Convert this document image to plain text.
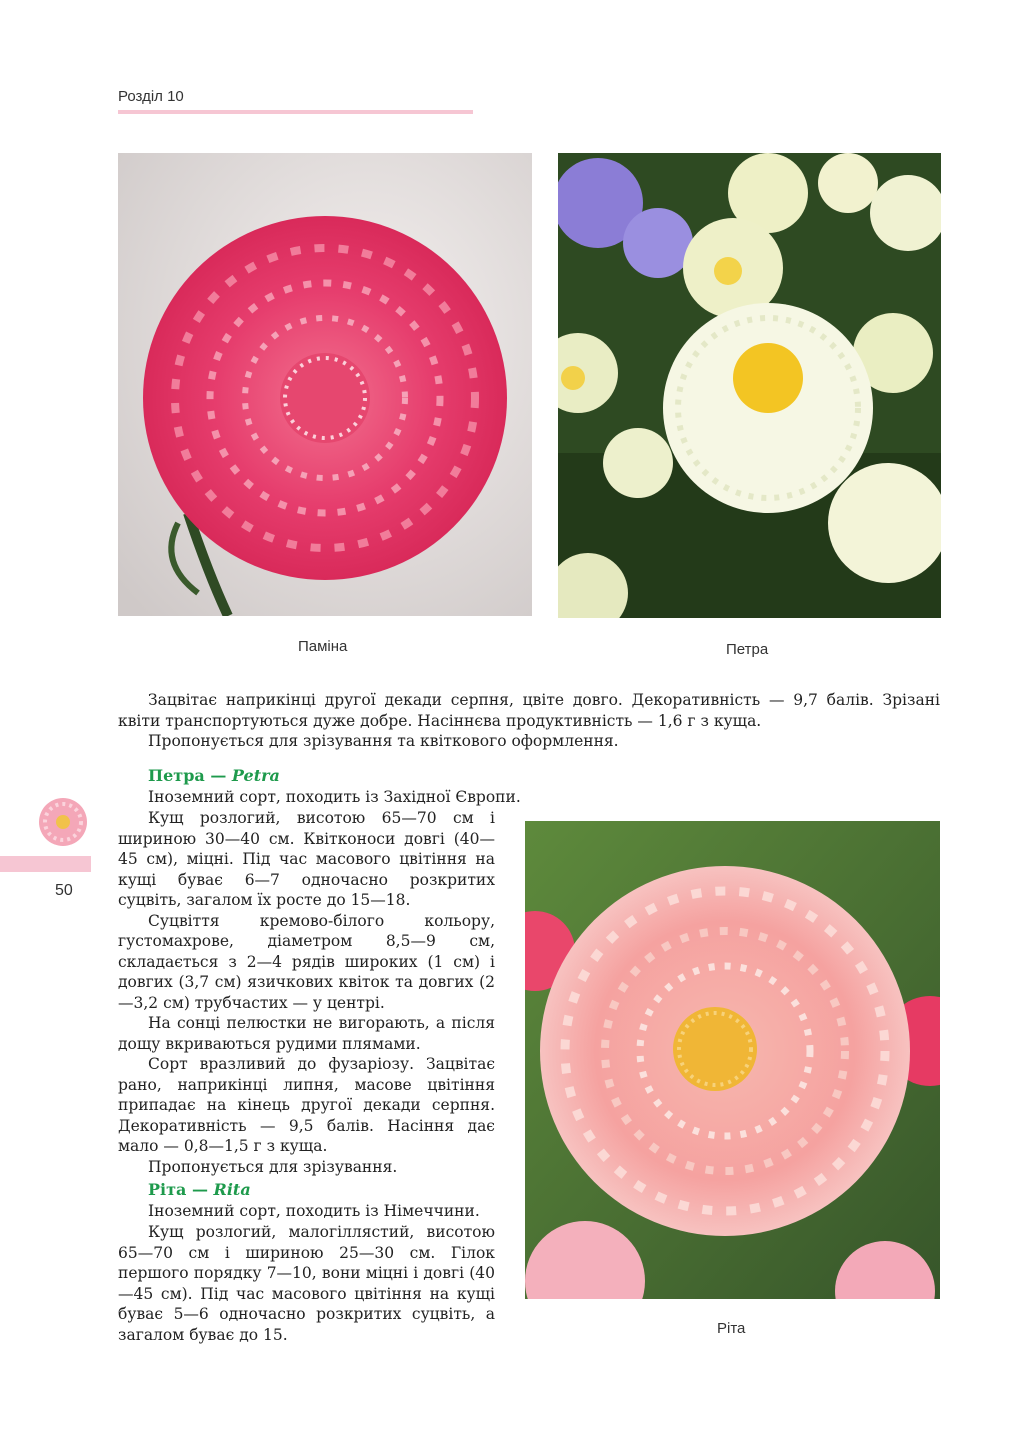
Розділ 10
Паміна	Петра

Зацвітає наприкінці другої декади серпня, цвіте довго. Декоративність — 9,7 балів. Зрізані квіти транспортуються дуже добре. Насіннєва продуктивність — 1,6 г з куща.

Пропонується для зрізування та квіткового оформлення.

50

Петра — Petra

Іноземний сорт, походить із Західної Європи.

Кущ розлогий, висотою 65—70 см і шириною 30—40 см. Квітконоси довгі (40—45 см), міцні. Під час масового цвітіння на кущі буває 6—7 одночасно розкритих суцвіть, загалом їх росте до 15—18.

Суцвіття кремово-білого кольору, густомахрове, діаметром 8,5—9 см, складається з 2—4 рядів широких (1 см) і довгих (3,7 см) язичкових квіток та довгих (2—3,2 см) трубчастих — у центрі.

На сонці пелюстки не вигорають, а після дощу вкриваються рудими плямами.

Сорт вразливий до фузаріозу. Зацвітає рано, наприкінці липня, масове цвітіння припадає на кінець другої декади серпня. Декоративність — 9,5 балів. Насіння дає мало — 0,8—1,5 г з куща.

Пропонується для зрізування.

Ріта — Rita

Іноземний сорт, походить із Німеччини.

Кущ розлогий, малогіллястий, висотою 65—70 см і шириною 25—30 см. Гілок першого порядку 7—10, вони міцні і довгі (40—45 см). Під час масового цвітіння на кущі буває 5—6 одночасно розкритих суцвіть, а загалом буває до 15.	Ріта
